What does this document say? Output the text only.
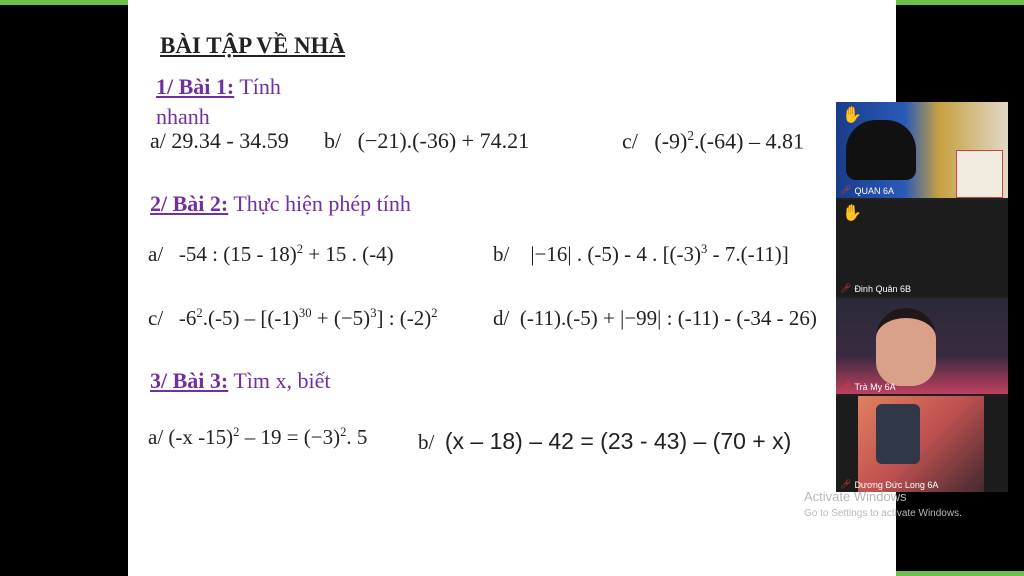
BÀI TẬP VỀ NHÀ
1/ Bài 1: Tính
nhanh
a/ 29.34 - 34.59 b/ (−21).(-36) + 74.21	c/ $(-9)^2.(-64) - 4.81$
2/ Bài 2: Thực hiện phép tính
a/ -54 : (15 - 18)$^2$ + 15 . (-4)	b/ |−16| . (-5) - 4 . $[(-3)^3 - 7.(-11)]$
c/ $-6^2.(-5) - [(-1)^{30} + (-5)^3]$ : $(-2)^2$	d/ (-11).(-5) + |−99| : (-11) - (-34 - 26)
3/ Bài 3: Tìm x, biết
a/ (-x $-15)^2 - 19 = (-3)^2$. 5 b/ (x – 18) – 42 = (23 - 43) – (70 + x)
✋
🎤︎ QUAN 6A
✋
🎤︎ Đinh Quân 6B
🎤︎ Trà My 6A
🎤︎ Dương Đức Long 6A
Activate Windows
Go to Settings to activate Windows.
